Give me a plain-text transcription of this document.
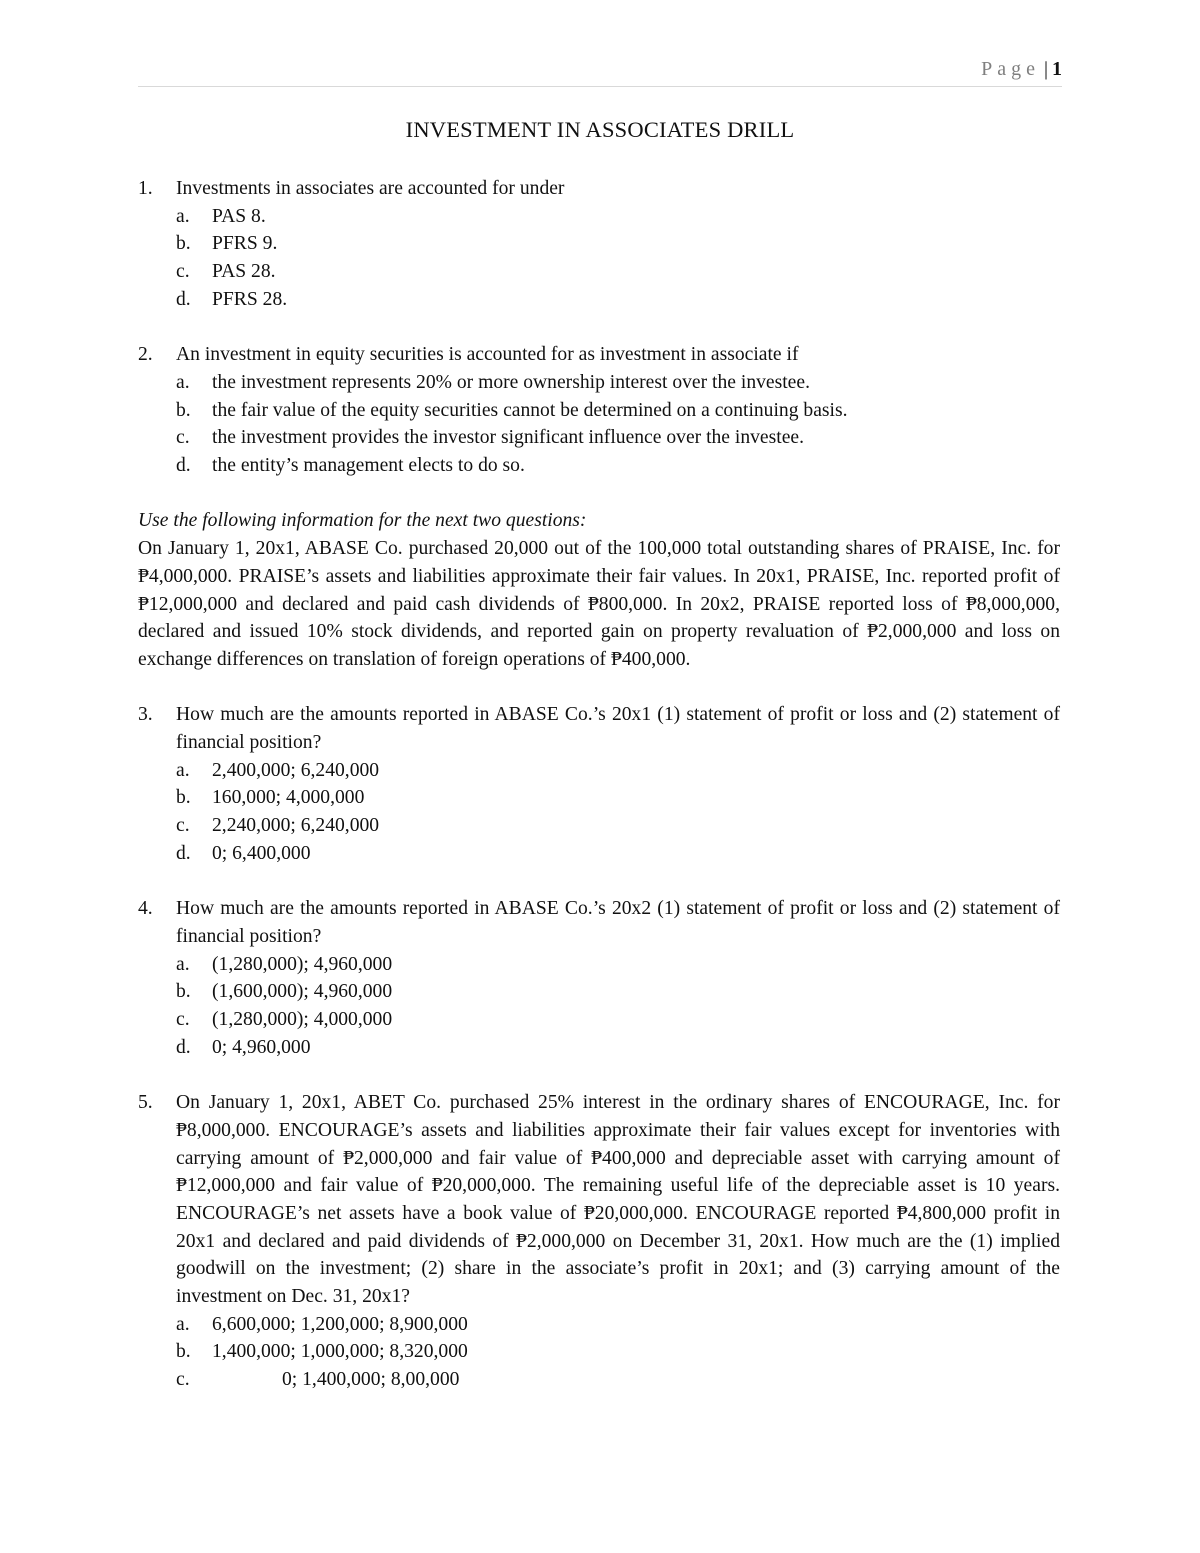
Page | 1
INVESTMENT IN ASSOCIATES DRILL
1.	Investments in associates are accounted for under
a.	PAS 8.
b.	PFRS 9.
c.	PAS 28.
d.	PFRS 28.
2.	An investment in equity securities is accounted for as investment in associate if
a.	the investment represents 20% or more ownership interest over the investee.
b.	the fair value of the equity securities cannot be determined on a continuing basis.
c.	the investment provides the investor significant influence over the investee.
d.	the entity’s management elects to do so.
Use the following information for the next two questions:
On January 1, 20x1, ABASE Co. purchased 20,000 out of the 100,000 total outstanding shares of PRAISE, Inc. for ₱4,000,000. PRAISE’s assets and liabilities approximate their fair values. In 20x1, PRAISE, Inc. reported profit of ₱12,000,000 and declared and paid cash dividends of ₱800,000. In 20x2, PRAISE reported loss of ₱8,000,000, declared and issued 10% stock dividends, and reported gain on property revaluation of ₱2,000,000 and loss on exchange differences on translation of foreign operations of ₱400,000.
3.	How much are the amounts reported in ABASE Co.’s 20x1 (1) statement of profit or loss and (2) statement of financial position?
a.	2,400,000; 6,240,000
b.	160,000; 4,000,000
c.	2,240,000; 6,240,000
d.	0; 6,400,000
4.	How much are the amounts reported in ABASE Co.’s 20x2 (1) statement of profit or loss and (2) statement of financial position?
a.	(1,280,000); 4,960,000
b.	(1,600,000); 4,960,000
c.	(1,280,000); 4,000,000
d.	0; 4,960,000
5.	On January 1, 20x1, ABET Co. purchased 25% interest in the ordinary shares of ENCOURAGE, Inc. for ₱8,000,000. ENCOURAGE’s assets and liabilities approximate their fair values except for inventories with carrying amount of ₱2,000,000 and fair value of ₱400,000 and depreciable asset with carrying amount of ₱12,000,000 and fair value of ₱20,000,000. The remaining useful life of the depreciable asset is 10 years. ENCOURAGE’s net assets have a book value of ₱20,000,000. ENCOURAGE reported ₱4,800,000 profit in 20x1 and declared and paid dividends of ₱2,000,000 on December 31, 20x1. How much are the (1) implied goodwill on the investment; (2) share in the associate’s profit in 20x1; and (3) carrying amount of the investment on Dec. 31, 20x1?
a.	6,600,000; 1,200,000; 8,900,000
b.	1,400,000; 1,000,000; 8,320,000
c.	0; 1,400,000; 8,00,000
